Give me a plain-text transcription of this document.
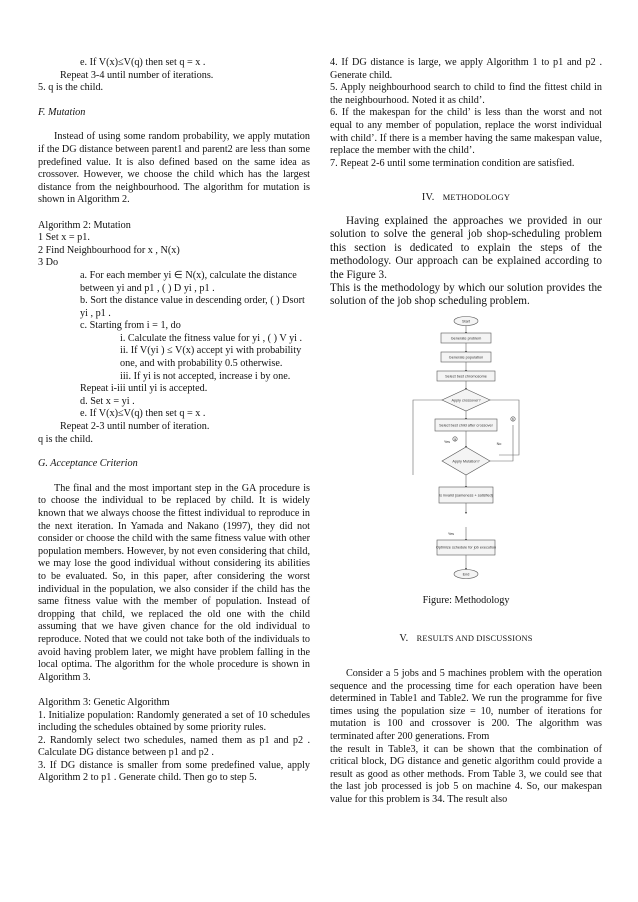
e. If V(x)≤V(q) then set q = x .

Repeat 3-4 until number of iterations.

5. q is the child.

F. Mutation

Instead of using some random probability, we apply mutation if the DG distance between parent1 and parent2 are less than some predefined value. It is also defined based on the same idea as crossover. However, we choose the child which has the largest distance from the neighbourhood. The algorithm for mutation is shown in Algorithm 2.

Algorithm 2: Mutation

1 Set x = p1.

2 Find Neighbourhood for x , N(x)

3 Do

a. For each member yi ∈ N(x), calculate the distance between yi and p1 , ( ) D yi , p1 .

b. Sort the distance value in descending order, ( ) Dsort yi , p1 .

c. Starting from i = 1, do

i. Calculate the fitness value for yi , ( ) V yi .

ii. If V(yi ) ≤ V(x) accept yi with probability one, and with probability 0.5 otherwise.

iii. If yi is not accepted, increase i by one.

Repeat i-iii until yi is accepted.

d. Set x = yi .

e. If V(x)≤V(q) then set q = x .

Repeat 2-3 until number of iteration.

q is the child.

G. Acceptance Criterion

The final and the most important step in the GA procedure is to choose the individual to be replaced by child. It is widely known that we always choose the fittest individual to reproduce in the next iteration. In Yamada and Nakano (1997), they did not consider or choose the child with the same fitness value with other population members. However, by not even considering that child, we may lose the good individual without considering its abilities to be evaluated. So, in this paper, after considering the worst individual in the population, we also consider if the child has the same fitness value with the member of population. Instead of dropping that child, we replaced the old one with the child assuming that we have given chance for the old individual to reproduce. Noted that we could not take both of the individuals to avoid having problem later, we might have problem falling in the local optima. The algorithm for the whole procedure is shown in Algorithm 3.

Algorithm 3: Genetic Algorithm

1. Initialize population: Randomly generated a set of 10 schedules including the schedules obtained by some priority rules.

2. Randomly select two schedules, named them as p1 and p2 . Calculate DG distance between p1 and p2 .

3. If DG distance is smaller from some predefined value, apply Algorithm 2 to p1 . Generate child. Then go to step 5.

4. If DG distance is large, we apply Algorithm 1 to p1 and p2 . Generate child.

5. Apply neighbourhood search to child to find the fittest child in the neighbourhood. Noted it as child’.

6. If the makespan for the child’ is less than the worst and not equal to any member of population, replace the worst individual with child’. If there is a member having the same makespan value, replace the member with the child’.

7. Repeat 2-6 until some termination condition are satisfied.

IV. METHODOLOGY

Having explained the approaches we provided in our solution to solve the general job shop-scheduling problem this section is dedicated to explain the steps of the methodology. Our approach can be explained according to the Figure 3.

This is the methodology by which our solution provides the solution of the job shop scheduling problem.

Start
Generate problem
Generate population
Select best chromosome
Apply crossover?
Select best child after crossover
Apply Mutation?
Is invalid (sameness + satisfied)
Optimize schedule for job execution
End
Yes	No
Yes
a
b

Figure: Methodology

V. RESULTS AND DISCUSSIONS

Consider a 5 jobs and 5 machines problem with the operation sequence and the processing time for each operation have been determined in Table1 and Table2. We run the programme for five times using the population size = 10, number of iterations for mutation is 100 and crossover is 200. The algorithm was terminated after 200 generations. From

the result in Table3, it can be shown that the combination of critical block, DG distance and genetic algorithm could provide a result as good as other methods. From Table 3, we could see that the last job processed is job 5 on machine 4. So, our makespan value for this problem is 34. The result also
